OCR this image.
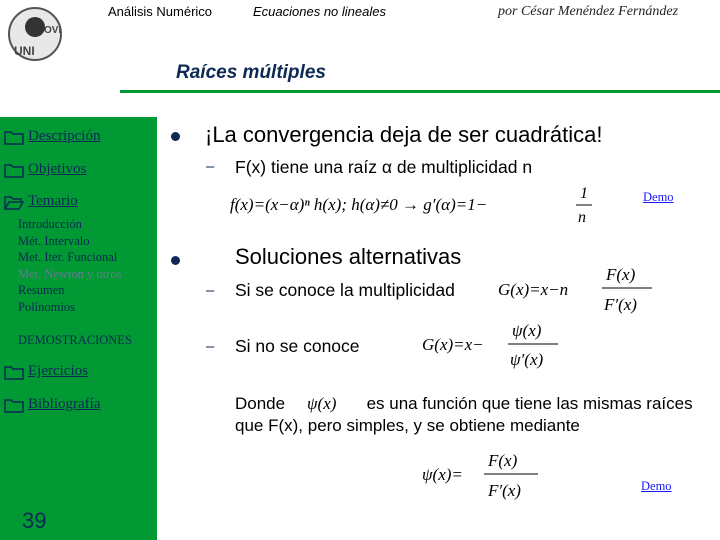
UNI
OVI
Análisis Numérico	Ecuaciones no lineales	por César Menéndez Fernández
Raíces múltiples
Descripción
Objetivos
Temario
Introducción
Mét. Intervalo
Met. Iter. Funcional
Met. Newton y otros
Resumen
Polinomios
DEMOSTRACIONES
Ejercicios
Bibliografía
39
¡La convergencia deja de ser cuadrática!
– F(x) tiene una raíz α de multiplicidad n
f(x)=(x−α)ⁿ h(x); h(α)≠0 → g′(α)=1−
1
n
Demo
Soluciones alternativas
– Si se conoce la multiplicidad	G(x)=x−n
F(x)
F′(x)
– Si no se conoce	G(x)=x−
ψ(x)
ψ′(x)
Donde	es una función que tiene las mismas raíces que F(x), pero simples, y se obtiene mediante
ψ(x)
ψ(x)=
F(x)
F′(x)	Demo
